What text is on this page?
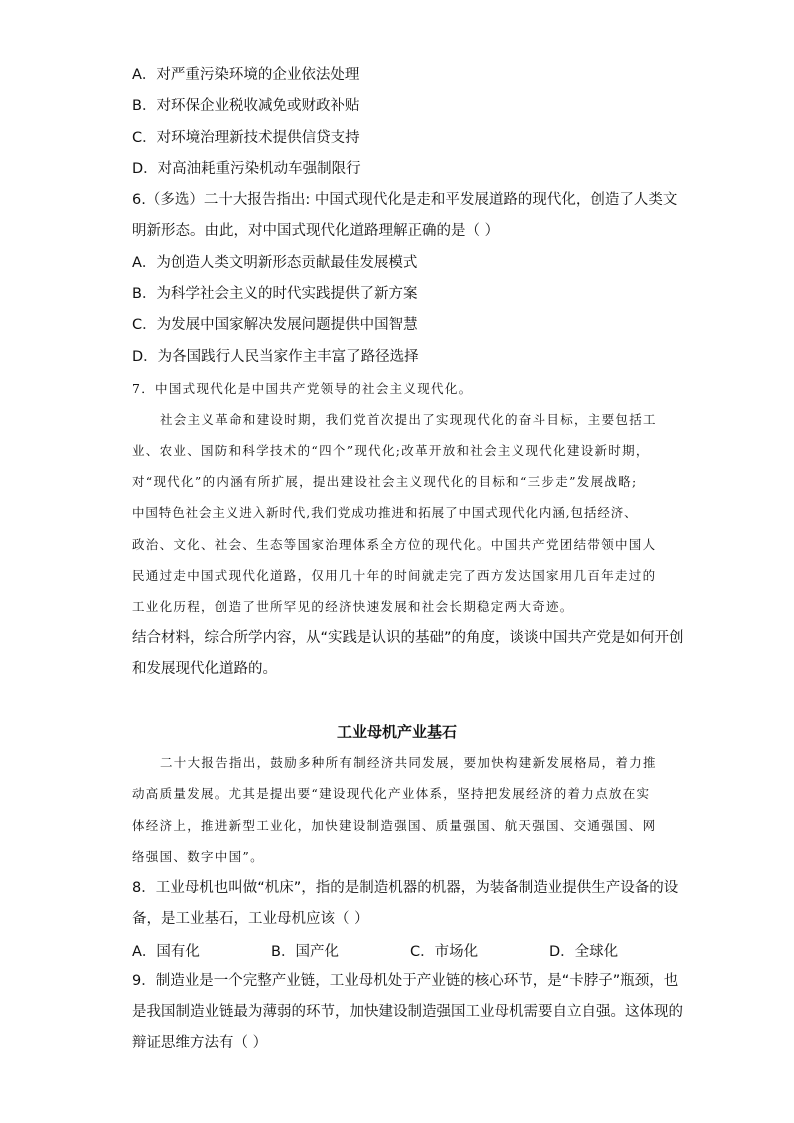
A．对严重污染环境的企业依法处理
B．对环保企业税收减免或财政补贴
C．对环境治理新技术提供信贷支持
D．对高油耗重污染机动车强制限行
6.（多选）二十大报告指出: 中国式现代化是走和平发展道路的现代化，创造了人类文
明新形态。由此，对中国式现代化道路理解正确的是（ ）
A．为创造人类文明新形态贡献最佳发展模式
B．为科学社会主义的时代实践提供了新方案
C．为发展中国家解决发展问题提供中国智慧
D．为各国践行人民当家作主丰富了路径选择
7．中国式现代化是中国共产党领导的社会主义现代化。
社会主义革命和建设时期，我们党首次提出了实现现代化的奋斗目标，主要包括工
业、农业、国防和科学技术的“四个”现代化;改革开放和社会主义现代化建设新时期，
对“现代化”的内涵有所扩展，提出建设社会主义现代化的目标和“三步走”发展战略;
中国特色社会主义进入新时代,我们党成功推进和拓展了中国式现代化内涵,包括经济、
政治、文化、社会、生态等国家治理体系全方位的现代化。中国共产党团结带领中国人
民通过走中国式现代化道路，仅用几十年的时间就走完了西方发达国家用几百年走过的
工业化历程，创造了世所罕见的经济快速发展和社会长期稳定两大奇迹。
结合材料，综合所学内容，从“实践是认识的基础”的角度，谈谈中国共产党是如何开创
和发展现代化道路的。
工业母机产业基石
二十大报告指出，鼓励多种所有制经济共同发展，要加快构建新发展格局，着力推
动高质量发展。尤其是提出要“建设现代化产业体系，坚持把发展经济的着力点放在实
体经济上，推进新型工业化，加快建设制造强国、质量强国、航天强国、交通强国、网
络强国、数字中国”。
8．工业母机也叫做“机床”，指的是制造机器的机器，为装备制造业提供生产设备的设
备，是工业基石，工业母机应该（ ）
A．国有化	B．国产化	C．市场化	D．全球化
9．制造业是一个完整产业链，工业母机处于产业链的核心环节，是“卡脖子”瓶颈，也
是我国制造业链最为薄弱的环节，加快建设制造强国工业母机需要自立自强。这体现的
辩证思维方法有（ ）
